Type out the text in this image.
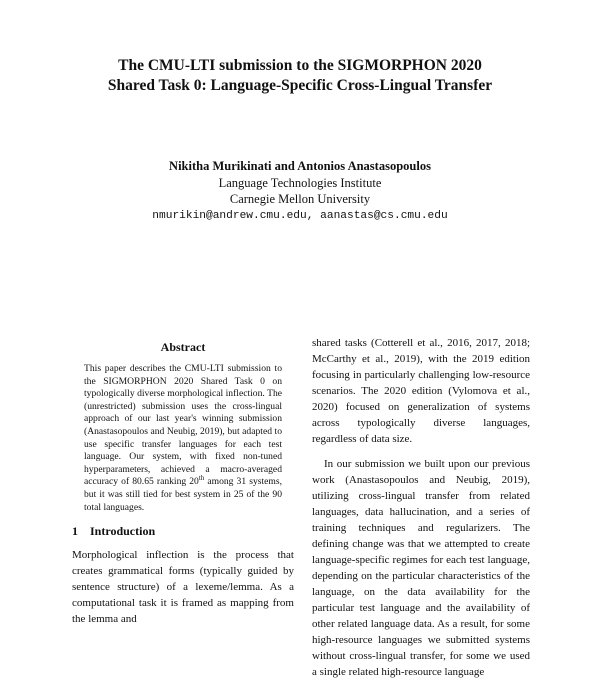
The CMU-LTI submission to the SIGMORPHON 2020
Shared Task 0: Language-Specific Cross-Lingual Transfer
Nikitha Murikinati and Antonios Anastasopoulos
Language Technologies Institute
Carnegie Mellon University
nmurikin@andrew.cmu.edu, aanastas@cs.cmu.edu
Abstract

This paper describes the CMU-LTI submission to the SIGMORPHON 2020 Shared Task 0 on typologically diverse morphological inflection. The (unrestricted) submission uses the cross-lingual approach of our last year's winning submission (Anastasopoulos and Neubig, 2019), but adapted to use specific transfer languages for each test language. Our system, with fixed non-tuned hyperparameters, achieved a macro-averaged accuracy of 80.65 ranking 20th among 31 systems, but it was still tied for best system in 25 of the 90 total languages.

1 Introduction

Morphological inflection is the process that creates grammatical forms (typically guided by sentence structure) of a lexeme/lemma. As a computational task it is framed as mapping from the lemma and

shared tasks (Cotterell et al., 2016, 2017, 2018; McCarthy et al., 2019), with the 2019 edition focusing in particularly challenging low-resource scenarios. The 2020 edition (Vylomova et al., 2020) focused on generalization of systems across typologically diverse languages, regardless of data size.

In our submission we built upon our previous work (Anastasopoulos and Neubig, 2019), utilizing cross-lingual transfer from related languages, data hallucination, and a series of training techniques and regularizers. The defining change was that we attempted to create language-specific regimes for each test language, depending on the particular characteristics of the language, on the data availability for the particular test language and the availability of other related language data. As a result, for some high-resource languages we submitted systems without cross-lingual transfer, for some we used a single related high-resource language
